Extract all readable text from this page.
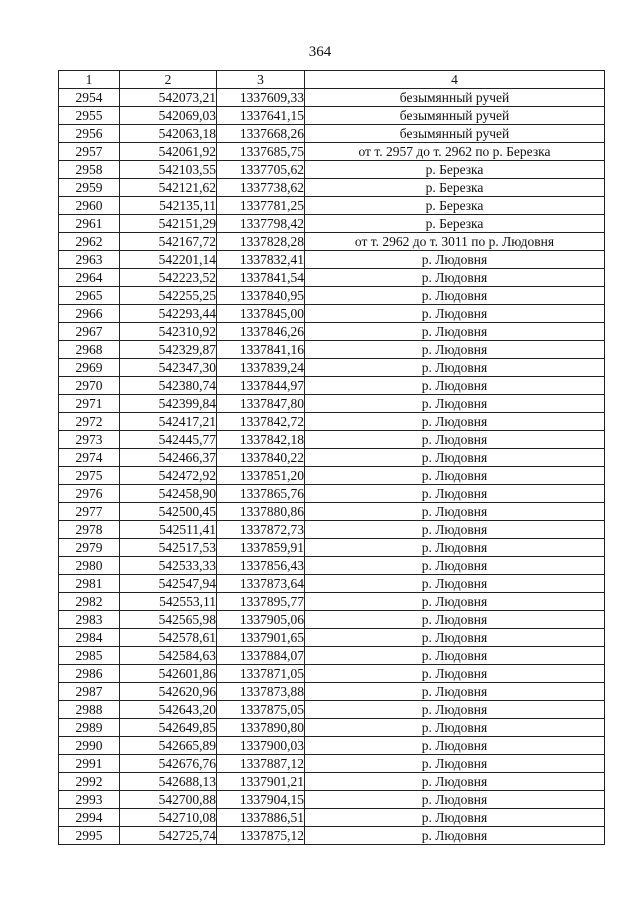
364
1	2	3	4
2954	542073,21	1337609,33	безымянный ручей
2955	542069,03	1337641,15	безымянный ручей
2956	542063,18	1337668,26	безымянный ручей
2957	542061,92	1337685,75	от т. 2957 до т. 2962 по р. Березка
2958	542103,55	1337705,62	р. Березка
2959	542121,62	1337738,62	р. Березка
2960	542135,11	1337781,25	р. Березка
2961	542151,29	1337798,42	р. Березка
2962	542167,72	1337828,28	от т. 2962 до т. 3011 по р. Людовня
2963	542201,14	1337832,41	р. Людовня
2964	542223,52	1337841,54	р. Людовня
2965	542255,25	1337840,95	р. Людовня
2966	542293,44	1337845,00	р. Людовня
2967	542310,92	1337846,26	р. Людовня
2968	542329,87	1337841,16	р. Людовня
2969	542347,30	1337839,24	р. Людовня
2970	542380,74	1337844,97	р. Людовня
2971	542399,84	1337847,80	р. Людовня
2972	542417,21	1337842,72	р. Людовня
2973	542445,77	1337842,18	р. Людовня
2974	542466,37	1337840,22	р. Людовня
2975	542472,92	1337851,20	р. Людовня
2976	542458,90	1337865,76	р. Людовня
2977	542500,45	1337880,86	р. Людовня
2978	542511,41	1337872,73	р. Людовня
2979	542517,53	1337859,91	р. Людовня
2980	542533,33	1337856,43	р. Людовня
2981	542547,94	1337873,64	р. Людовня
2982	542553,11	1337895,77	р. Людовня
2983	542565,98	1337905,06	р. Людовня
2984	542578,61	1337901,65	р. Людовня
2985	542584,63	1337884,07	р. Людовня
2986	542601,86	1337871,05	р. Людовня
2987	542620,96	1337873,88	р. Людовня
2988	542643,20	1337875,05	р. Людовня
2989	542649,85	1337890,80	р. Людовня
2990	542665,89	1337900,03	р. Людовня
2991	542676,76	1337887,12	р. Людовня
2992	542688,13	1337901,21	р. Людовня
2993	542700,88	1337904,15	р. Людовня
2994	542710,08	1337886,51	р. Людовня
2995	542725,74	1337875,12	р. Людовня
